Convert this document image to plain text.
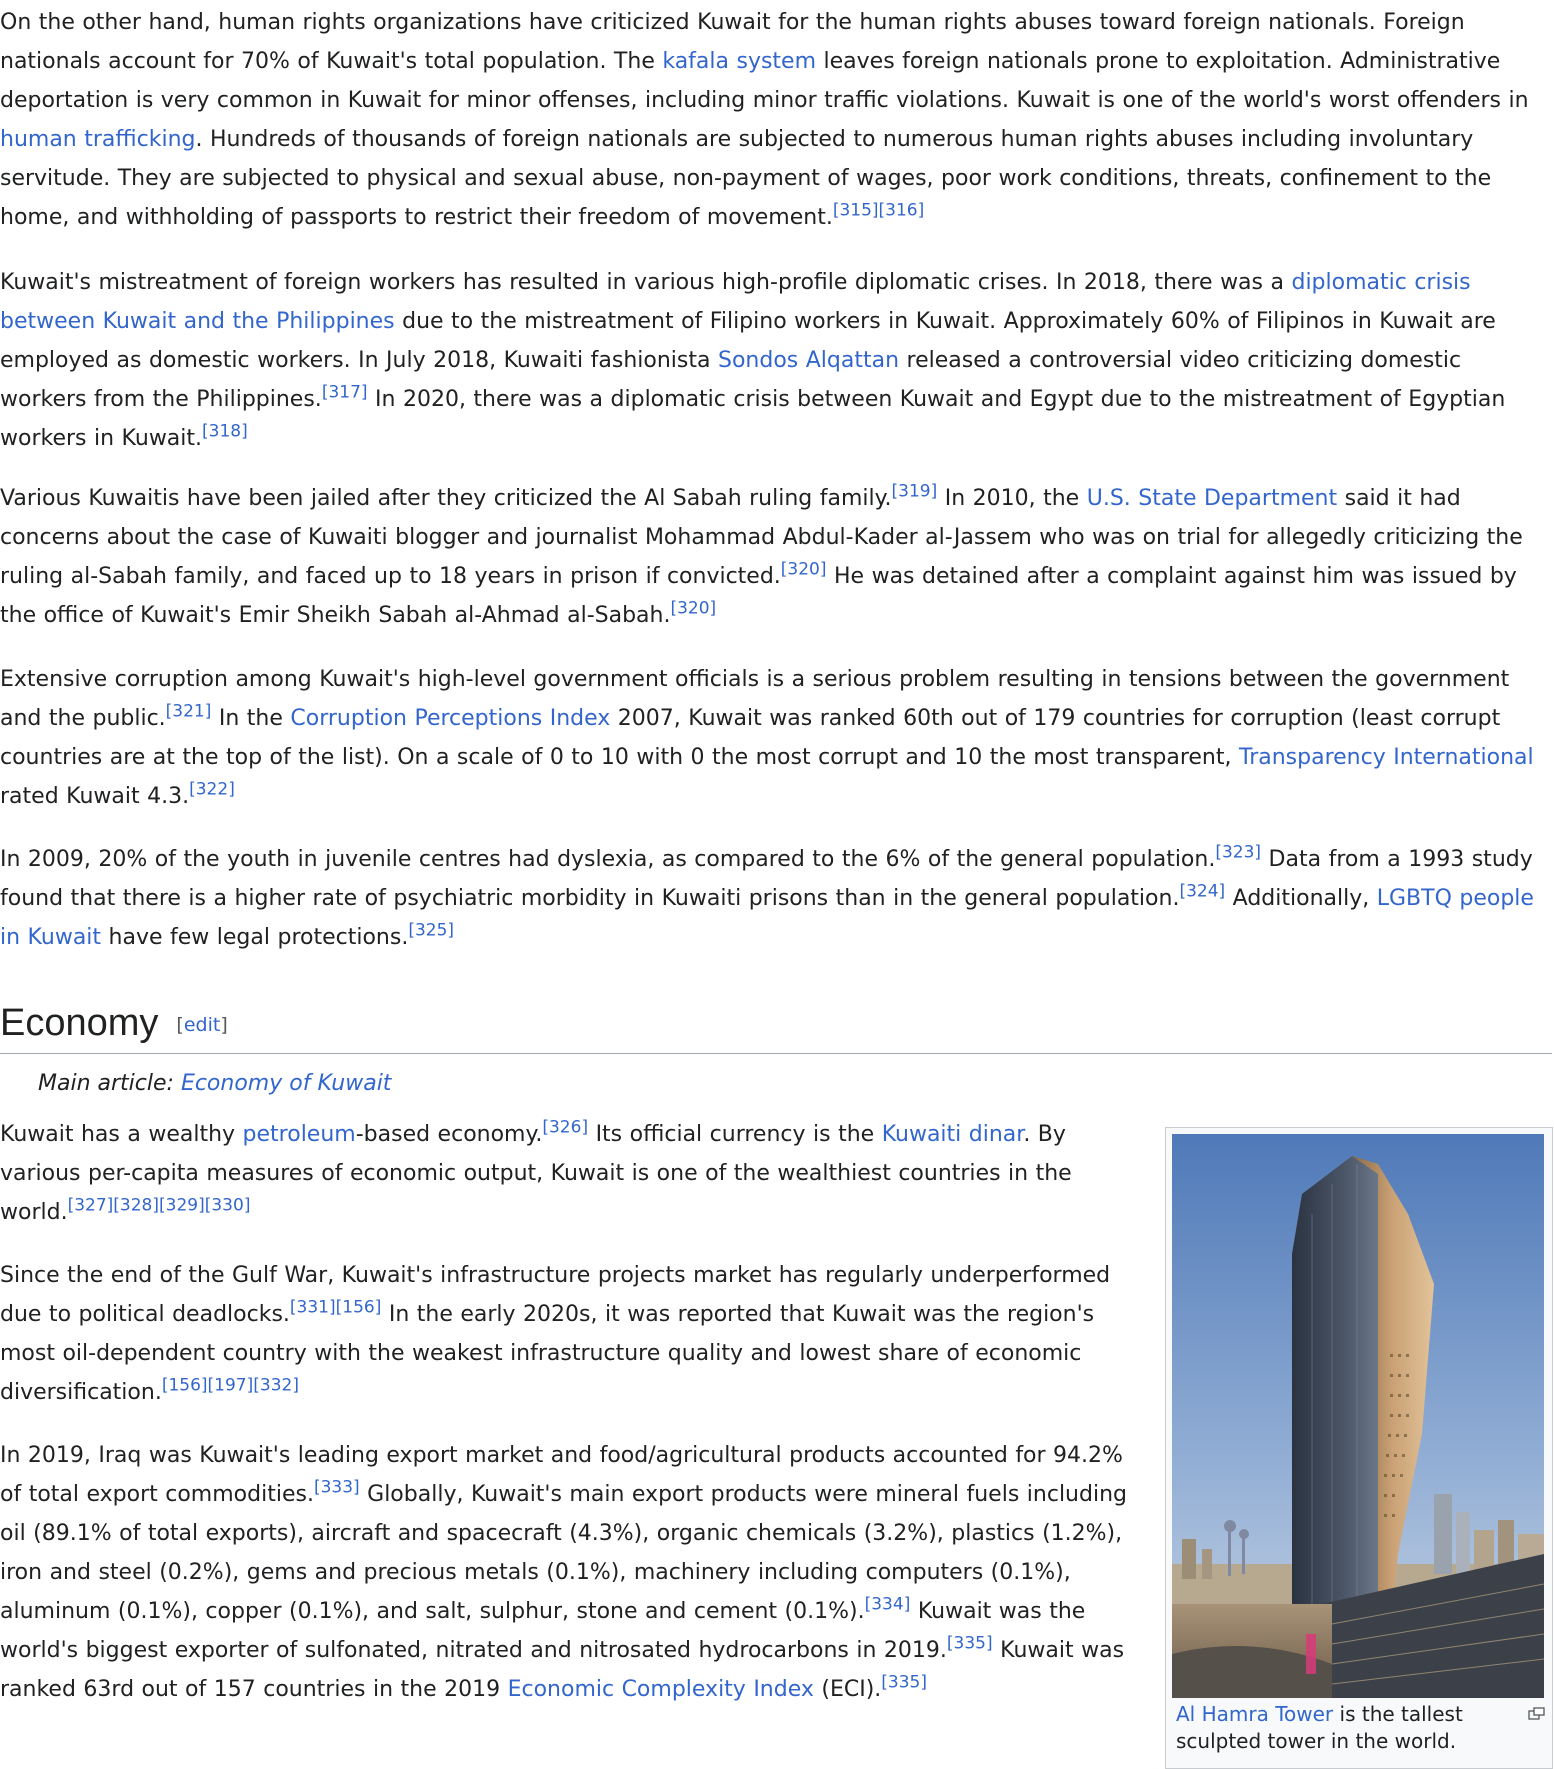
On the other hand, human rights organizations have criticized Kuwait for the human rights abuses toward foreign nationals. Foreign nationals account for 70% of Kuwait's total population. The kafala system leaves foreign nationals prone to exploitation. Administrative deportation is very common in Kuwait for minor offenses, including minor traffic violations. Kuwait is one of the world's worst offenders in human trafficking. Hundreds of thousands of foreign nationals are subjected to numerous human rights abuses including involuntary servitude. They are subjected to physical and sexual abuse, non-payment of wages, poor work conditions, threats, confinement to the home, and withholding of passports to restrict their freedom of movement.[315][316]

Kuwait's mistreatment of foreign workers has resulted in various high-profile diplomatic crises. In 2018, there was a diplomatic crisis between Kuwait and the Philippines due to the mistreatment of Filipino workers in Kuwait. Approximately 60% of Filipinos in Kuwait are employed as domestic workers. In July 2018, Kuwaiti fashionista Sondos Alqattan released a controversial video criticizing domestic workers from the Philippines.[317] In 2020, there was a diplomatic crisis between Kuwait and Egypt due to the mistreatment of Egyptian workers in Kuwait.[318]

Various Kuwaitis have been jailed after they criticized the Al Sabah ruling family.[319] In 2010, the U.S. State Department said it had concerns about the case of Kuwaiti blogger and journalist Mohammad Abdul-Kader al-Jassem who was on trial for allegedly criticizing the ruling al-Sabah family, and faced up to 18 years in prison if convicted.[320] He was detained after a complaint against him was issued by the office of Kuwait's Emir Sheikh Sabah al-Ahmad al-Sabah.[320]

Extensive corruption among Kuwait's high-level government officials is a serious problem resulting in tensions between the government and the public.[321] In the Corruption Perceptions Index 2007, Kuwait was ranked 60th out of 179 countries for corruption (least corrupt countries are at the top of the list). On a scale of 0 to 10 with 0 the most corrupt and 10 the most transparent, Transparency International rated Kuwait 4.3.[322]

In 2009, 20% of the youth in juvenile centres had dyslexia, as compared to the 6% of the general population.[323] Data from a 1993 study found that there is a higher rate of psychiatric morbidity in Kuwaiti prisons than in the general population.[324] Additionally, LGBTQ people in Kuwait have few legal protections.[325]

Economy [edit]
Main article: Economy of Kuwait

Kuwait has a wealthy petroleum-based economy.[326] Its official currency is the Kuwaiti dinar. By various per-capita measures of economic output, Kuwait is one of the wealthiest countries in the world.[327][328][329][330]

Since the end of the Gulf War, Kuwait's infrastructure projects market has regularly underperformed due to political deadlocks.[331][156] In the early 2020s, it was reported that Kuwait was the region's most oil-dependent country with the weakest infrastructure quality and lowest share of economic diversification.[156][197][332]

In 2019, Iraq was Kuwait's leading export market and food/agricultural products accounted for 94.2% of total export commodities.[333] Globally, Kuwait's main export products were mineral fuels including oil (89.1% of total exports), aircraft and spacecraft (4.3%), organic chemicals (3.2%), plastics (1.2%), iron and steel (0.2%), gems and precious metals (0.1%), machinery including computers (0.1%), aluminum (0.1%), copper (0.1%), and salt, sulphur, stone and cement (0.1%).[334] Kuwait was the world's biggest exporter of sulfonated, nitrated and nitrosated hydrocarbons in 2019.[335] Kuwait was ranked 63rd out of 157 countries in the 2019 Economic Complexity Index (ECI).[335]

Al Hamra Tower is the tallest sculpted tower in the world.
